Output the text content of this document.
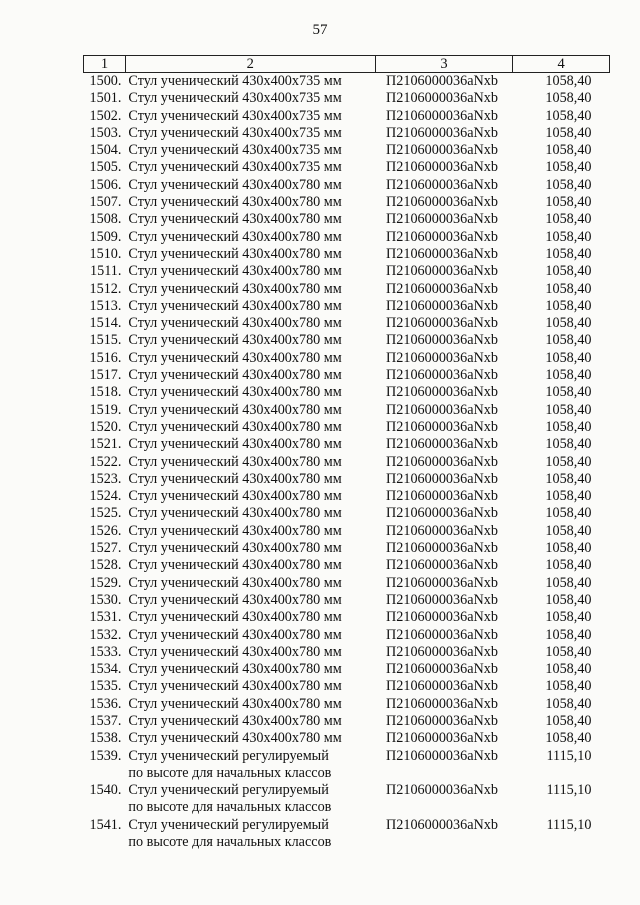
57
1	2	3	4
1500.	Стул ученический 430x400x735 мм	П2106000036aNxb	1058,40
1501.	Стул ученический 430x400x735 мм	П2106000036aNxb	1058,40
1502.	Стул ученический 430x400x735 мм	П2106000036aNxb	1058,40
1503.	Стул ученический 430x400x735 мм	П2106000036aNxb	1058,40
1504.	Стул ученический 430x400x735 мм	П2106000036aNxb	1058,40
1505.	Стул ученический 430x400x735 мм	П2106000036aNxb	1058,40
1506.	Стул ученический 430x400x780 мм	П2106000036aNxb	1058,40
1507.	Стул ученический 430x400x780 мм	П2106000036aNxb	1058,40
1508.	Стул ученический 430x400x780 мм	П2106000036aNxb	1058,40
1509.	Стул ученический 430x400x780 мм	П2106000036aNxb	1058,40
1510.	Стул ученический 430x400x780 мм	П2106000036aNxb	1058,40
1511.	Стул ученический 430x400x780 мм	П2106000036aNxb	1058,40
1512.	Стул ученический 430x400x780 мм	П2106000036aNxb	1058,40
1513.	Стул ученический 430x400x780 мм	П2106000036aNxb	1058,40
1514.	Стул ученический 430x400x780 мм	П2106000036aNxb	1058,40
1515.	Стул ученический 430x400x780 мм	П2106000036aNxb	1058,40
1516.	Стул ученический 430x400x780 мм	П2106000036aNxb	1058,40
1517.	Стул ученический 430x400x780 мм	П2106000036aNxb	1058,40
1518.	Стул ученический 430x400x780 мм	П2106000036aNxb	1058,40
1519.	Стул ученический 430x400x780 мм	П2106000036aNxb	1058,40
1520.	Стул ученический 430x400x780 мм	П2106000036aNxb	1058,40
1521.	Стул ученический 430x400x780 мм	П2106000036aNxb	1058,40
1522.	Стул ученический 430x400x780 мм	П2106000036aNxb	1058,40
1523.	Стул ученический 430x400x780 мм	П2106000036aNxb	1058,40
1524.	Стул ученический 430x400x780 мм	П2106000036aNxb	1058,40
1525.	Стул ученический 430x400x780 мм	П2106000036aNxb	1058,40
1526.	Стул ученический 430x400x780 мм	П2106000036aNxb	1058,40
1527.	Стул ученический 430x400x780 мм	П2106000036aNxb	1058,40
1528.	Стул ученический 430x400x780 мм	П2106000036aNxb	1058,40
1529.	Стул ученический 430x400x780 мм	П2106000036aNxb	1058,40
1530.	Стул ученический 430x400x780 мм	П2106000036aNxb	1058,40
1531.	Стул ученический 430x400x780 мм	П2106000036aNxb	1058,40
1532.	Стул ученический 430x400x780 мм	П2106000036aNxb	1058,40
1533.	Стул ученический 430x400x780 мм	П2106000036aNxb	1058,40
1534.	Стул ученический 430x400x780 мм	П2106000036aNxb	1058,40
1535.	Стул ученический 430x400x780 мм	П2106000036aNxb	1058,40
1536.	Стул ученический 430x400x780 мм	П2106000036aNxb	1058,40
1537.	Стул ученический 430x400x780 мм	П2106000036aNxb	1058,40
1538.	Стул ученический 430x400x780 мм	П2106000036aNxb	1058,40
1539.	Стул ученический регулируемый
по высоте для начальных классов	П2106000036aNxb	1115,10
1540.	Стул ученический регулируемый
по высоте для начальных классов	П2106000036aNxb	1115,10
1541.	Стул ученический регулируемый
по высоте для начальных классов	П2106000036aNxb	1115,10
